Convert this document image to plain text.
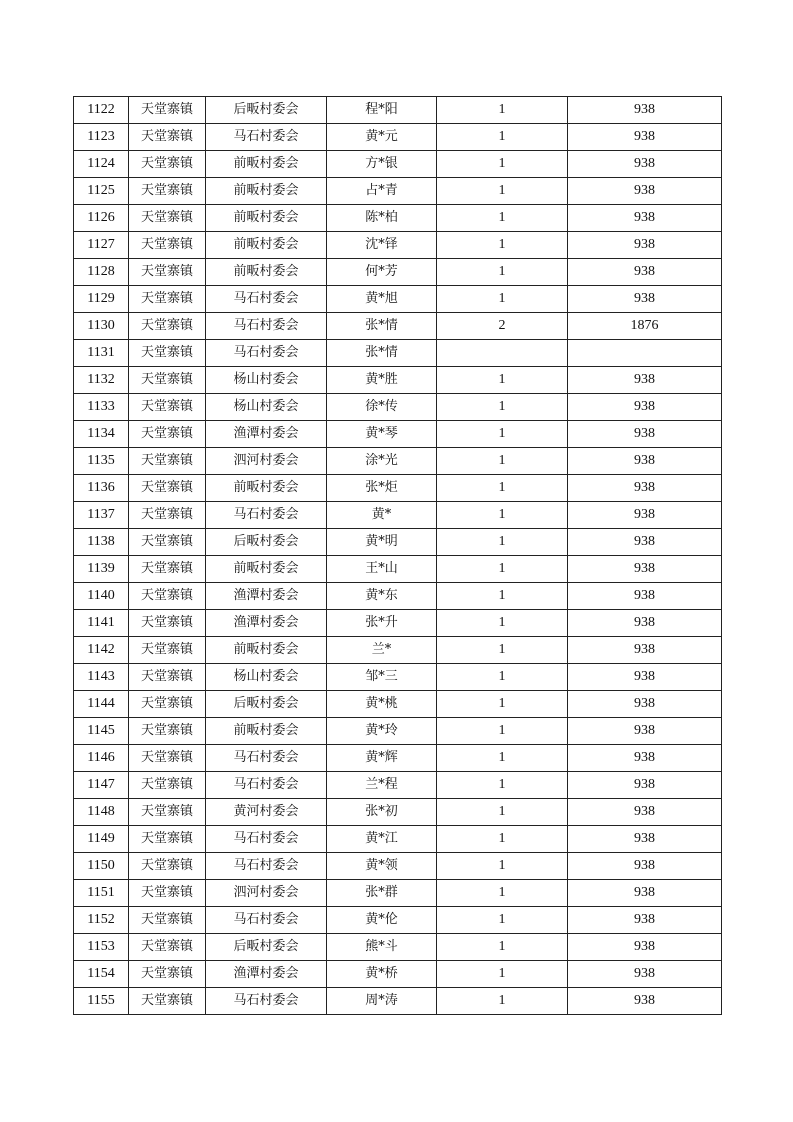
1122	天堂寨镇	后畈村委会	程*阳	1	938
1123	天堂寨镇	马石村委会	黄*元	1	938
1124	天堂寨镇	前畈村委会	方*银	1	938
1125	天堂寨镇	前畈村委会	占*青	1	938
1126	天堂寨镇	前畈村委会	陈*柏	1	938
1127	天堂寨镇	前畈村委会	沈*铎	1	938
1128	天堂寨镇	前畈村委会	何*芳	1	938
1129	天堂寨镇	马石村委会	黄*旭	1	938
1130	天堂寨镇	马石村委会	张*情	2	1876
1131	天堂寨镇	马石村委会	张*情		
1132	天堂寨镇	杨山村委会	黄*胜	1	938
1133	天堂寨镇	杨山村委会	徐*传	1	938
1134	天堂寨镇	渔潭村委会	黄*琴	1	938
1135	天堂寨镇	泗河村委会	涂*光	1	938
1136	天堂寨镇	前畈村委会	张*炬	1	938
1137	天堂寨镇	马石村委会	黄*	1	938
1138	天堂寨镇	后畈村委会	黄*明	1	938
1139	天堂寨镇	前畈村委会	王*山	1	938
1140	天堂寨镇	渔潭村委会	黄*东	1	938
1141	天堂寨镇	渔潭村委会	张*升	1	938
1142	天堂寨镇	前畈村委会	兰*	1	938
1143	天堂寨镇	杨山村委会	邹*三	1	938
1144	天堂寨镇	后畈村委会	黄*桃	1	938
1145	天堂寨镇	前畈村委会	黄*玲	1	938
1146	天堂寨镇	马石村委会	黄*辉	1	938
1147	天堂寨镇	马石村委会	兰*程	1	938
1148	天堂寨镇	黄河村委会	张*初	1	938
1149	天堂寨镇	马石村委会	黄*江	1	938
1150	天堂寨镇	马石村委会	黄*领	1	938
1151	天堂寨镇	泗河村委会	张*群	1	938
1152	天堂寨镇	马石村委会	黄*伦	1	938
1153	天堂寨镇	后畈村委会	熊*斗	1	938
1154	天堂寨镇	渔潭村委会	黄*桥	1	938
1155	天堂寨镇	马石村委会	周*涛	1	938
